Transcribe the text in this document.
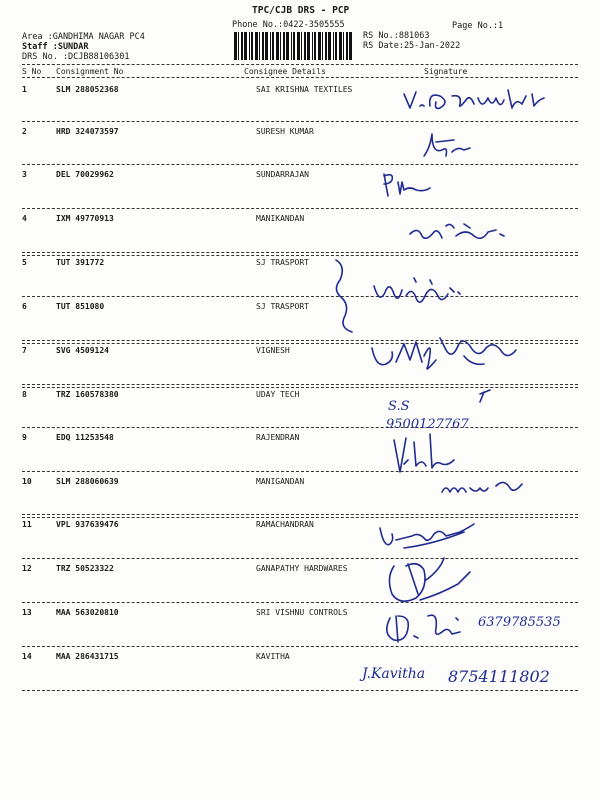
TPC/CJB DRS - PCP
Phone No.:0422-3505555	Page No.:1
Area :GANDHIMA NAGAR PC4
Staff :SUNDAR
DRS No. :DCJB88106301
RS No.:881063
RS Date:25-Jan-2022
S No Consignment No	Consignee Details	Signature
1	SLM 288052368	SAI KRISHNA TEXTILES
2	HRD 324073597	SURESH KUMAR
3	DEL 70029962	SUNDARRAJAN
4	IXM 49770913	MANIKANDAN
5	TUT 391772	SJ TRASPORT
6	TUT 851080	SJ TRASPORT
7	SVG 4509124	VIGNESH
8	TRZ 160578380	UDAY TECH
9	EDQ 11253548	RAJENDRAN
10	SLM 288060639	MANIGANDAN
11	VPL 937639476	RAMACHANDRAN
12	TRZ 50523322	GANAPATHY HARDWARES
13	MAA 563020810	SRI VISHNU CONTROLS
14	MAA 286431715	KAVITHA
S.S
9500127767
6379785535
J.Kavitha 8754111802
